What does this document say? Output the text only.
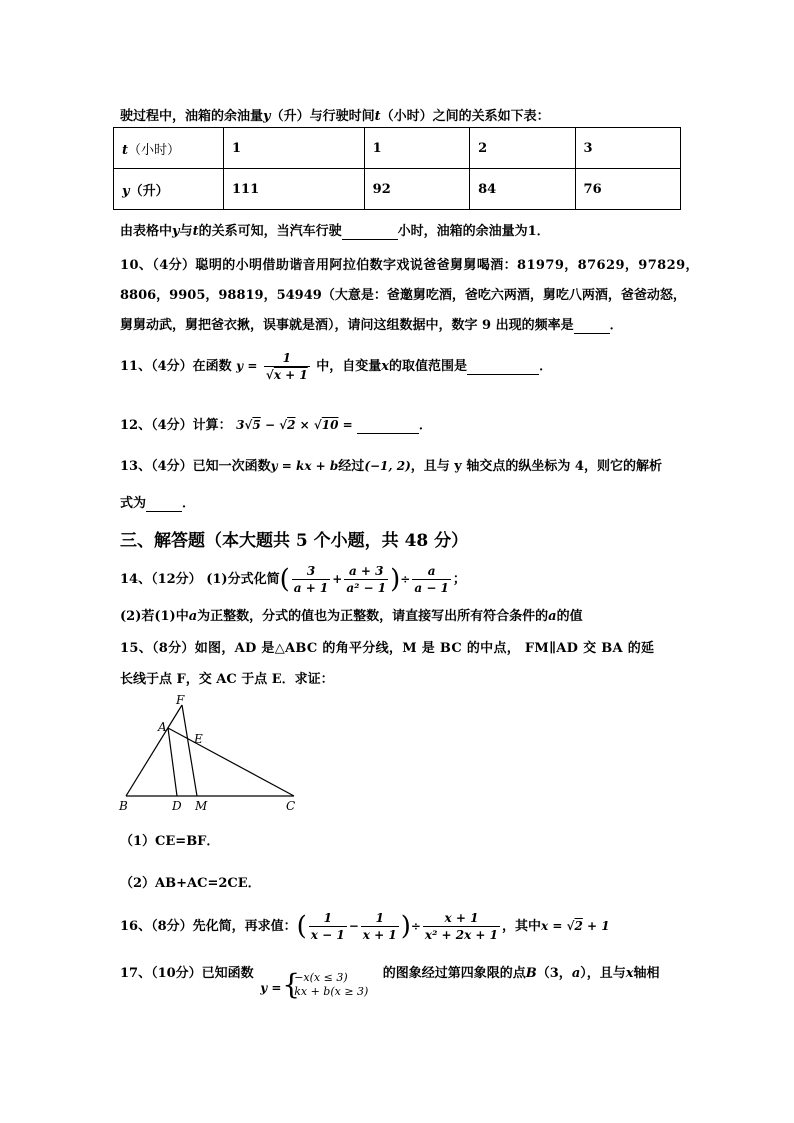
驶过程中，油箱的余油量y（升）与行驶时间t（小时）之间的关系如下表：
t（小时）	1	1	2	3
y（升）	111	92	84	76
由表格中y与t的关系可知，当汽车行驶	小时，油箱的余油量为1．
10、（4分）聪明的小明借助谐音用阿拉伯数字戏说爸爸舅舅喝酒：81979，87629，97829，
8806，9905，98819，54949（大意是：爸邀舅吃酒，爸吃六两酒，舅吃八两酒，爸爸动怒，
舅舅动武，舅把爸衣揪，误事就是酒），请问这组数据中，数字 9 出现的频率是	．
11、（4分）在函数 $y = \frac{1}{√x + 1}$ 中，自变量x的取值范围是	．
12、（4分）计算： 3√5 − √2 × √10 =	．
13、（4分）已知一次函数y = kx + b经过(−1, 2)，且与 y 轴交点的纵坐标为 4，则它的解析
式为	．
三、解答题（本大题共 5 个小题，共 48 分）
14、（12分） (1)分式化简( $\frac{3}{a + 1} + \frac{a + 3}{\text{a² − 1}}$ )÷ $\frac{a}{a - 1}$ ；
(2)若(1)中a为正整数，分式的值也为正整数，请直接写出所有符合条件的a的值
15、（8分）如图，AD 是△ABC 的角平分线，M 是 BC 的中点， FM∥AD 交 BA 的延
长线于点 F，交 AC 于点 E．求证：
F
A
E
B	D M	C
（1）CE=BF．
（2）AB+AC=2CE．
16、（8分）先化简，再求值：( $\frac{1}{x - 1} - \frac{1}{x + 1}$ )÷ $\frac{x + 1}{\text{x² + 2x + 1}}$ ，其中x = √2 + 1
17、（10分）已知函数
y = {
−x(x ≤ 3)
kx + b(x ≥ 3)
的图象经过第四象限的点B（3，a），且与x轴相
